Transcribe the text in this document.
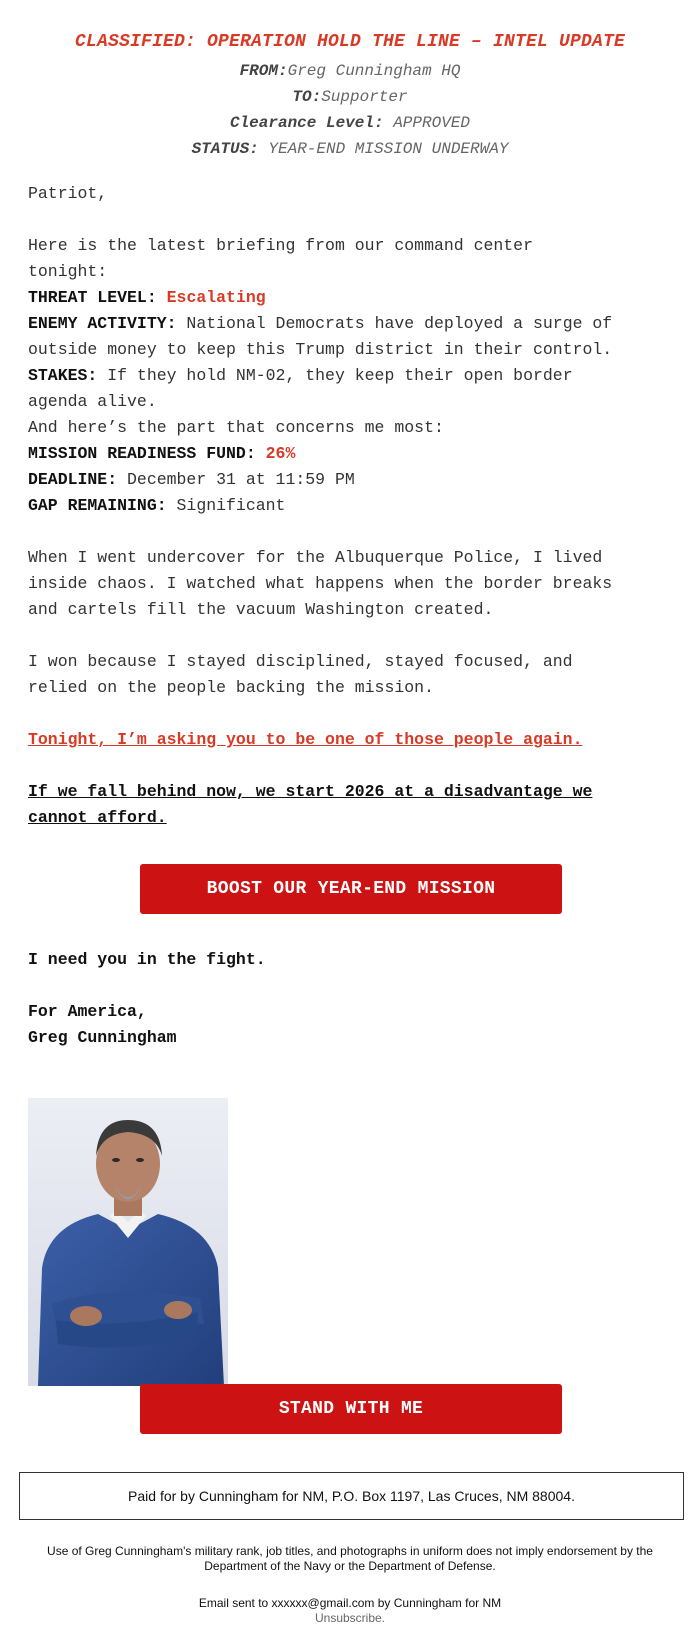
CLASSIFIED: OPERATION HOLD THE LINE – INTEL UPDATE
FROM:Greg Cunningham HQ
TO:Supporter
Clearance Level: APPROVED
STATUS: YEAR-END MISSION UNDERWAY
Patriot,
Here is the latest briefing from our command center
tonight:
THREAT LEVEL: Escalating
ENEMY ACTIVITY: National Democrats have deployed a surge of
outside money to keep this Trump district in their control.
STAKES: If they hold NM-02, they keep their open border
agenda alive.
And here’s the part that concerns me most:
MISSION READINESS FUND: 26%
DEADLINE: December 31 at 11:59 PM
GAP REMAINING: Significant
When I went undercover for the Albuquerque Police, I lived
inside chaos. I watched what happens when the border breaks
and cartels fill the vacuum Washington created.
I won because I stayed disciplined, stayed focused, and
relied on the people backing the mission.
Tonight, I’m asking you to be one of those people again.
If we fall behind now, we start 2026 at a disadvantage we
cannot afford.
BOOST OUR YEAR-END MISSION
I need you in the fight.
For America,
Greg Cunningham
STAND WITH ME
Paid for by Cunningham for NM, P.O. Box 1197, Las Cruces, NM 88004.
Use of Greg Cunningham's military rank, job titles, and photographs in uniform does not imply endorsement by the
Department of the Navy or the Department of Defense.
Email sent to xxxxxx@gmail.com by Cunningham for NM
Unsubscribe.
